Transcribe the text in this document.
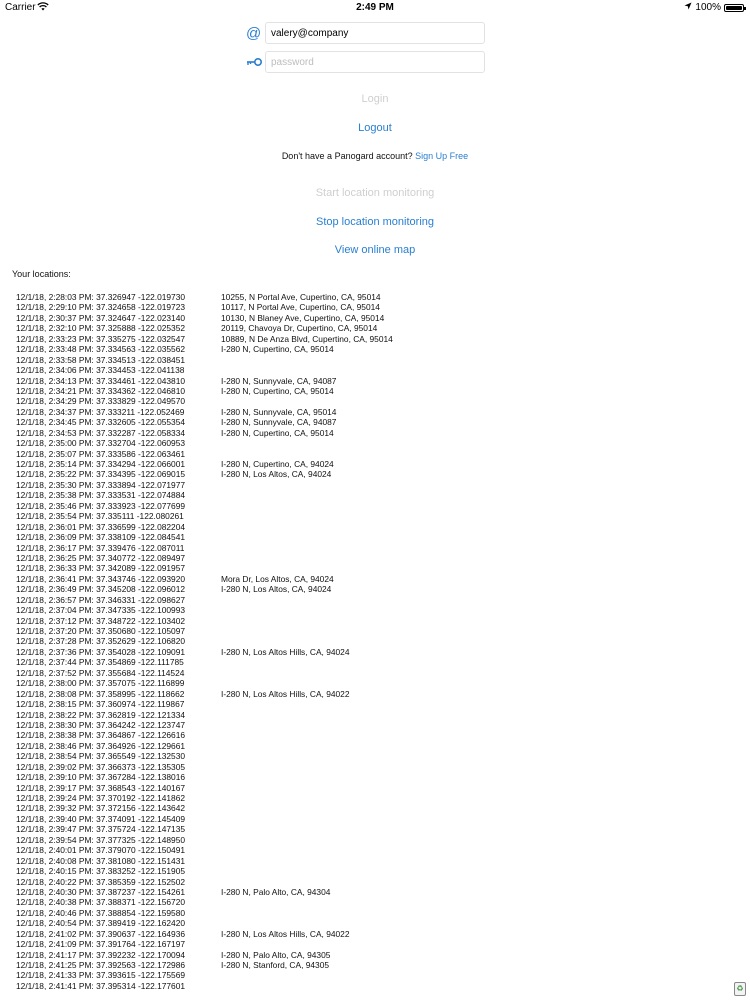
Carrier	2:49 PM	100%
@
valery@company
Login
Logout
Don't have a Panogard account? Sign Up Free
Start location monitoring
Stop location monitoring
View online map
Your locations:
12/1/18, 2:28:03 PM: 37.326947 -122.019730	10255, N Portal Ave, Cupertino, CA, 95014
12/1/18, 2:29:10 PM: 37.324658 -122.019723	10117, N Portal Ave, Cupertino, CA, 95014
12/1/18, 2:30:37 PM: 37.324647 -122.023140	10130, N Blaney Ave, Cupertino, CA, 95014
12/1/18, 2:32:10 PM: 37.325888 -122.025352	20119, Chavoya Dr, Cupertino, CA, 95014
12/1/18, 2:33:23 PM: 37.335275 -122.032547	10889, N De Anza Blvd, Cupertino, CA, 95014
12/1/18, 2:33:48 PM: 37.334563 -122.035562	I-280 N, Cupertino, CA, 95014
12/1/18, 2:33:58 PM: 37.334513 -122.038451
12/1/18, 2:34:06 PM: 37.334453 -122.041138
12/1/18, 2:34:13 PM: 37.334461 -122.043810	I-280 N, Sunnyvale, CA, 94087
12/1/18, 2:34:21 PM: 37.334362 -122.046810	I-280 N, Cupertino, CA, 95014
12/1/18, 2:34:29 PM: 37.333829 -122.049570
12/1/18, 2:34:37 PM: 37.333211 -122.052469	I-280 N, Sunnyvale, CA, 95014
12/1/18, 2:34:45 PM: 37.332605 -122.055354	I-280 N, Sunnyvale, CA, 94087
12/1/18, 2:34:53 PM: 37.332287 -122.058334	I-280 N, Cupertino, CA, 95014
12/1/18, 2:35:00 PM: 37.332704 -122.060953
12/1/18, 2:35:07 PM: 37.333586 -122.063461
12/1/18, 2:35:14 PM: 37.334294 -122.066001	I-280 N, Cupertino, CA, 94024
12/1/18, 2:35:22 PM: 37.334395 -122.069015	I-280 N, Los Altos, CA, 94024
12/1/18, 2:35:30 PM: 37.333894 -122.071977
12/1/18, 2:35:38 PM: 37.333531 -122.074884
12/1/18, 2:35:46 PM: 37.333923 -122.077699
12/1/18, 2:35:54 PM: 37.335111 -122.080261
12/1/18, 2:36:01 PM: 37.336599 -122.082204
12/1/18, 2:36:09 PM: 37.338109 -122.084541
12/1/18, 2:36:17 PM: 37.339476 -122.087011
12/1/18, 2:36:25 PM: 37.340772 -122.089497
12/1/18, 2:36:33 PM: 37.342089 -122.091957
12/1/18, 2:36:41 PM: 37.343746 -122.093920	Mora Dr, Los Altos, CA, 94024
12/1/18, 2:36:49 PM: 37.345208 -122.096012	I-280 N, Los Altos, CA, 94024
12/1/18, 2:36:57 PM: 37.346331 -122.098627
12/1/18, 2:37:04 PM: 37.347335 -122.100993
12/1/18, 2:37:12 PM: 37.348722 -122.103402
12/1/18, 2:37:20 PM: 37.350680 -122.105097
12/1/18, 2:37:28 PM: 37.352629 -122.106820
12/1/18, 2:37:36 PM: 37.354028 -122.109091	I-280 N, Los Altos Hills, CA, 94024
12/1/18, 2:37:44 PM: 37.354869 -122.111785
12/1/18, 2:37:52 PM: 37.355684 -122.114524
12/1/18, 2:38:00 PM: 37.357075 -122.116899
12/1/18, 2:38:08 PM: 37.358995 -122.118662	I-280 N, Los Altos Hills, CA, 94022
12/1/18, 2:38:15 PM: 37.360974 -122.119867
12/1/18, 2:38:22 PM: 37.362819 -122.121334
12/1/18, 2:38:30 PM: 37.364242 -122.123747
12/1/18, 2:38:38 PM: 37.364867 -122.126616
12/1/18, 2:38:46 PM: 37.364926 -122.129661
12/1/18, 2:38:54 PM: 37.365549 -122.132530
12/1/18, 2:39:02 PM: 37.366373 -122.135305
12/1/18, 2:39:10 PM: 37.367284 -122.138016
12/1/18, 2:39:17 PM: 37.368543 -122.140167
12/1/18, 2:39:24 PM: 37.370192 -122.141862
12/1/18, 2:39:32 PM: 37.372156 -122.143642
12/1/18, 2:39:40 PM: 37.374091 -122.145409
12/1/18, 2:39:47 PM: 37.375724 -122.147135
12/1/18, 2:39:54 PM: 37.377325 -122.148950
12/1/18, 2:40:01 PM: 37.379070 -122.150491
12/1/18, 2:40:08 PM: 37.381080 -122.151431
12/1/18, 2:40:15 PM: 37.383252 -122.151905
12/1/18, 2:40:22 PM: 37.385359 -122.152502
12/1/18, 2:40:30 PM: 37.387237 -122.154261	I-280 N, Palo Alto, CA, 94304
12/1/18, 2:40:38 PM: 37.388371 -122.156720
12/1/18, 2:40:46 PM: 37.388854 -122.159580
12/1/18, 2:40:54 PM: 37.389419 -122.162420
12/1/18, 2:41:02 PM: 37.390637 -122.164936	I-280 N, Los Altos Hills, CA, 94022
12/1/18, 2:41:09 PM: 37.391764 -122.167197
12/1/18, 2:41:17 PM: 37.392232 -122.170094	I-280 N, Palo Alto, CA, 94305
12/1/18, 2:41:25 PM: 37.392563 -122.172986	I-280 N, Stanford, CA, 94305
12/1/18, 2:41:33 PM: 37.393615 -122.175569
12/1/18, 2:41:41 PM: 37.395314 -122.177601	♻
